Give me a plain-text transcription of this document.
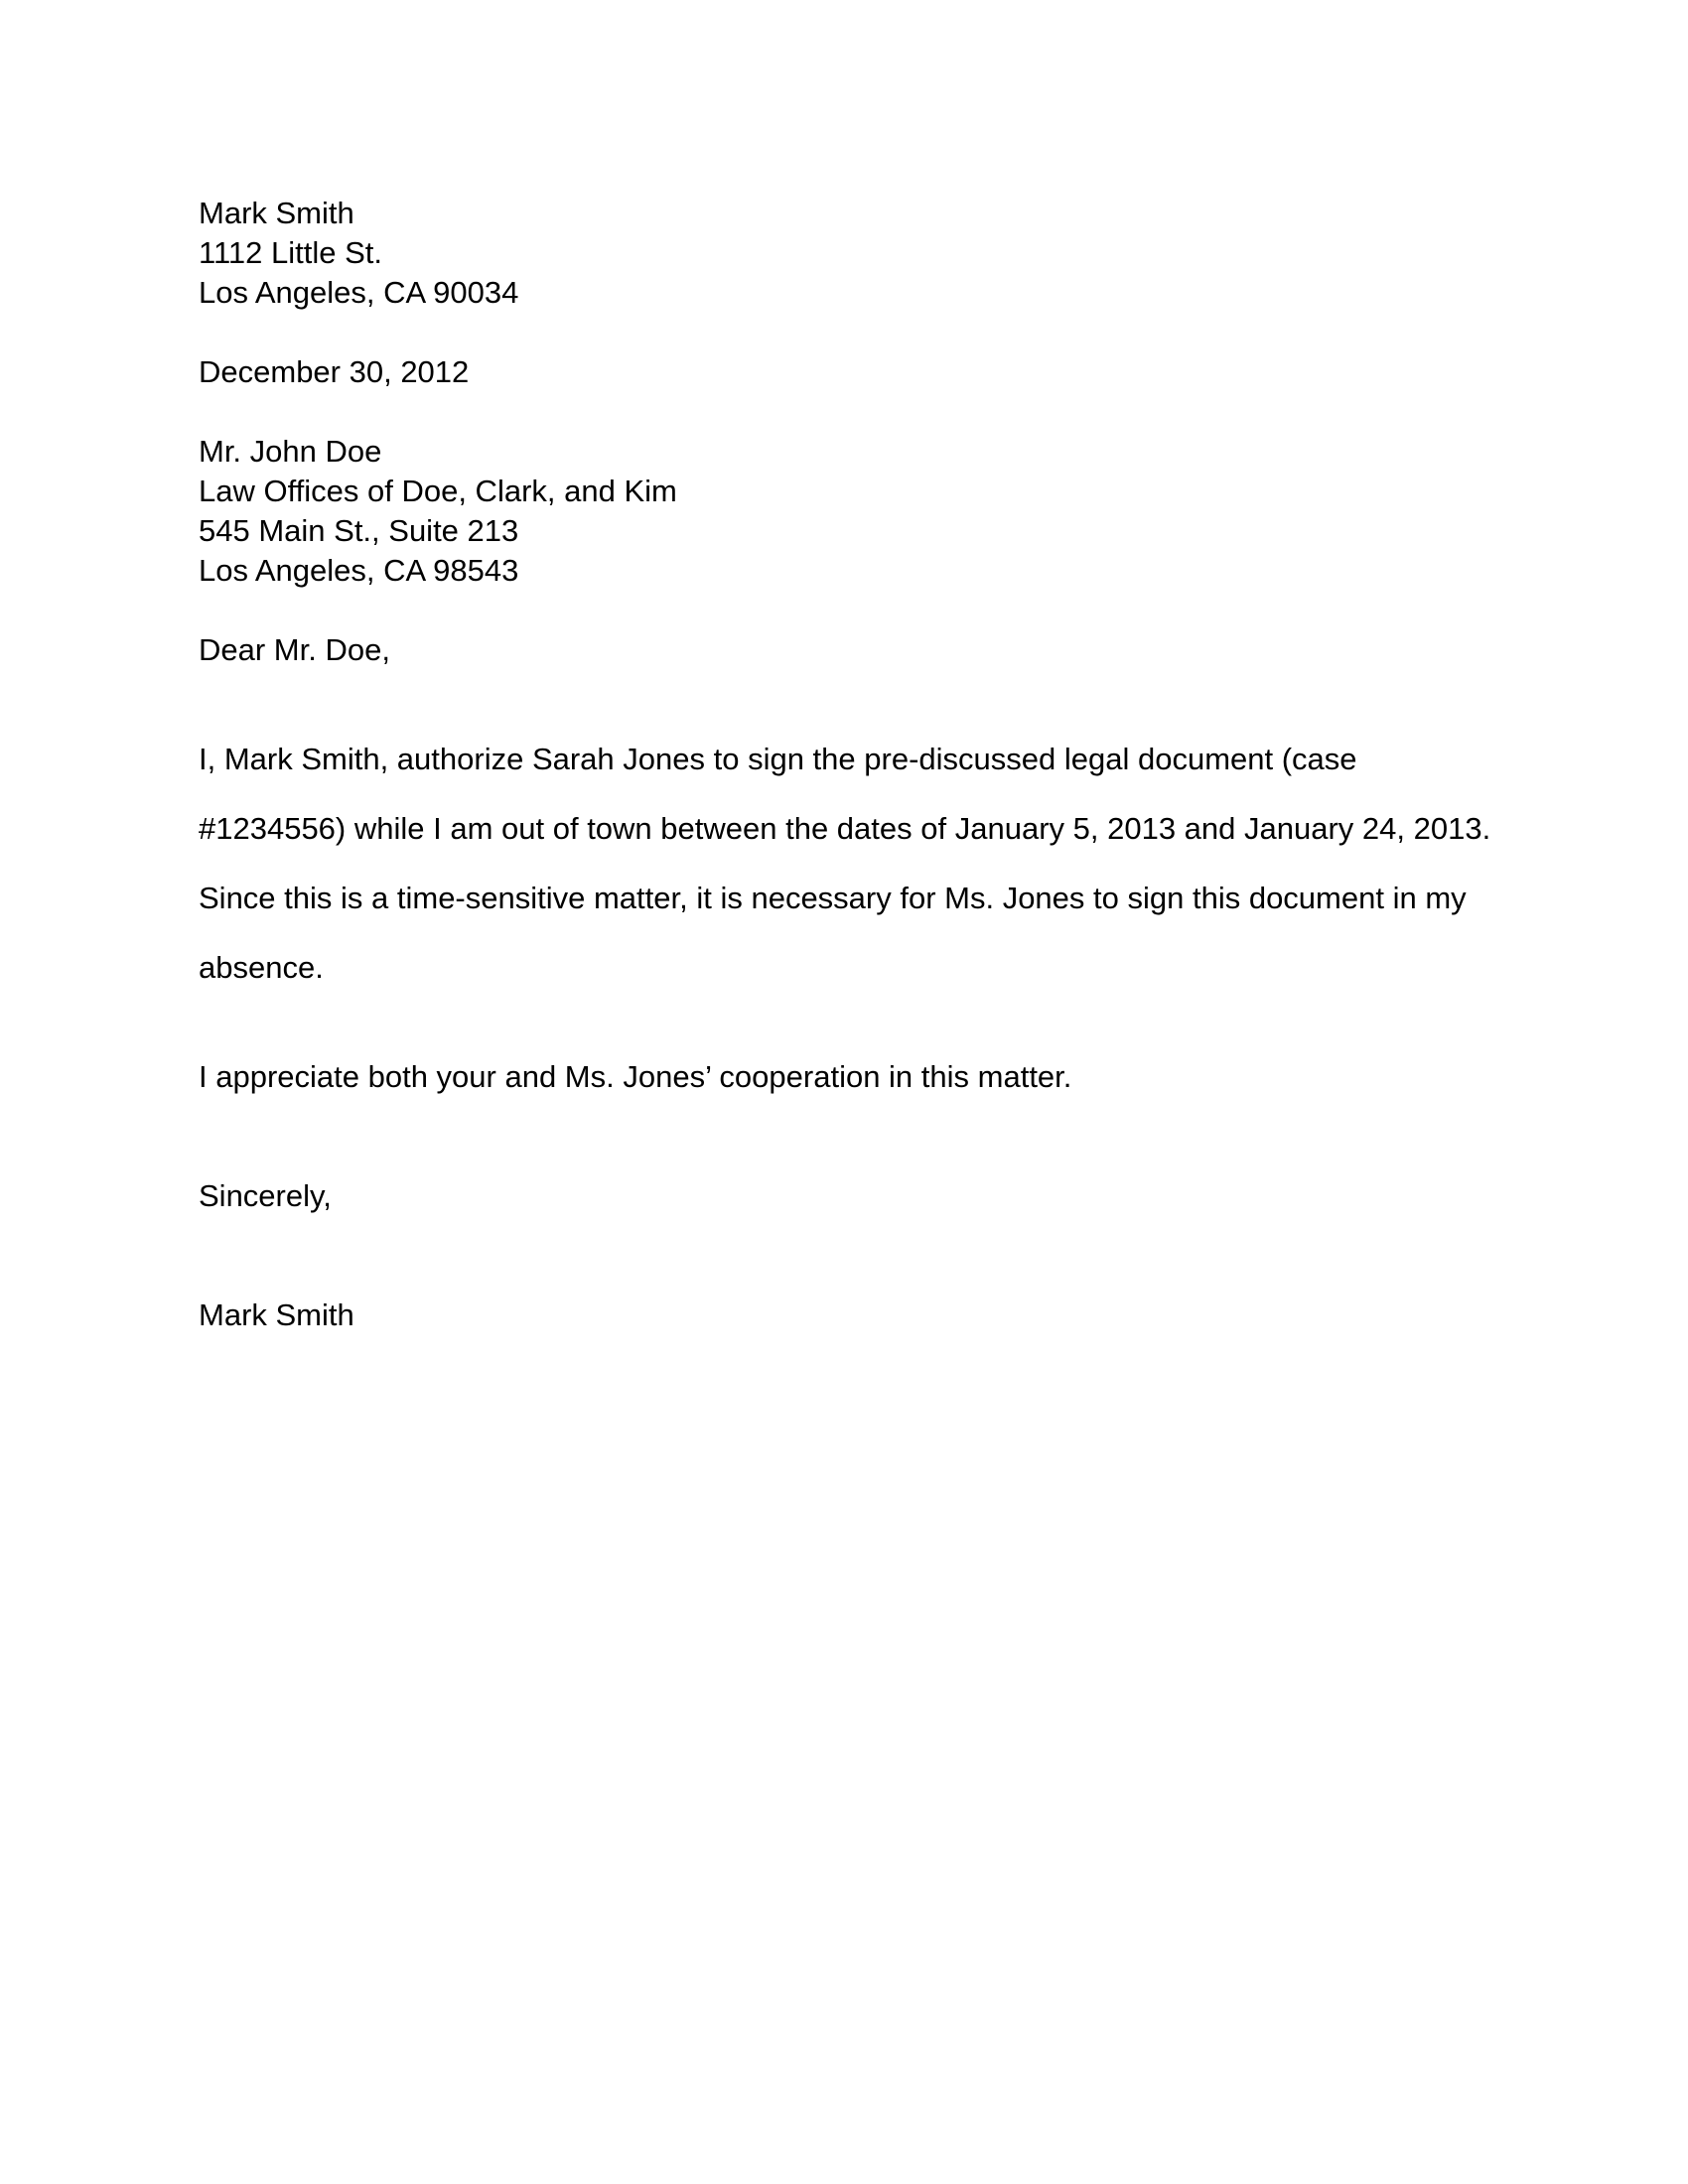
Mark Smith

1112 Little St.

Los Angeles, CA 90034

December 30, 2012

Mr. John Doe

Law Offices of Doe, Clark, and Kim

545 Main St., Suite 213

Los Angeles, CA 98543

Dear Mr. Doe,

I, Mark Smith, authorize Sarah Jones to sign the pre-discussed legal document (case

#1234556) while I am out of town between the dates of January 5, 2013 and January 24, 2013.

Since this is a time-sensitive matter, it is necessary for Ms. Jones to sign this document in my

absence.

I appreciate both your and Ms. Jones’ cooperation in this matter.

Sincerely,

Mark Smith
